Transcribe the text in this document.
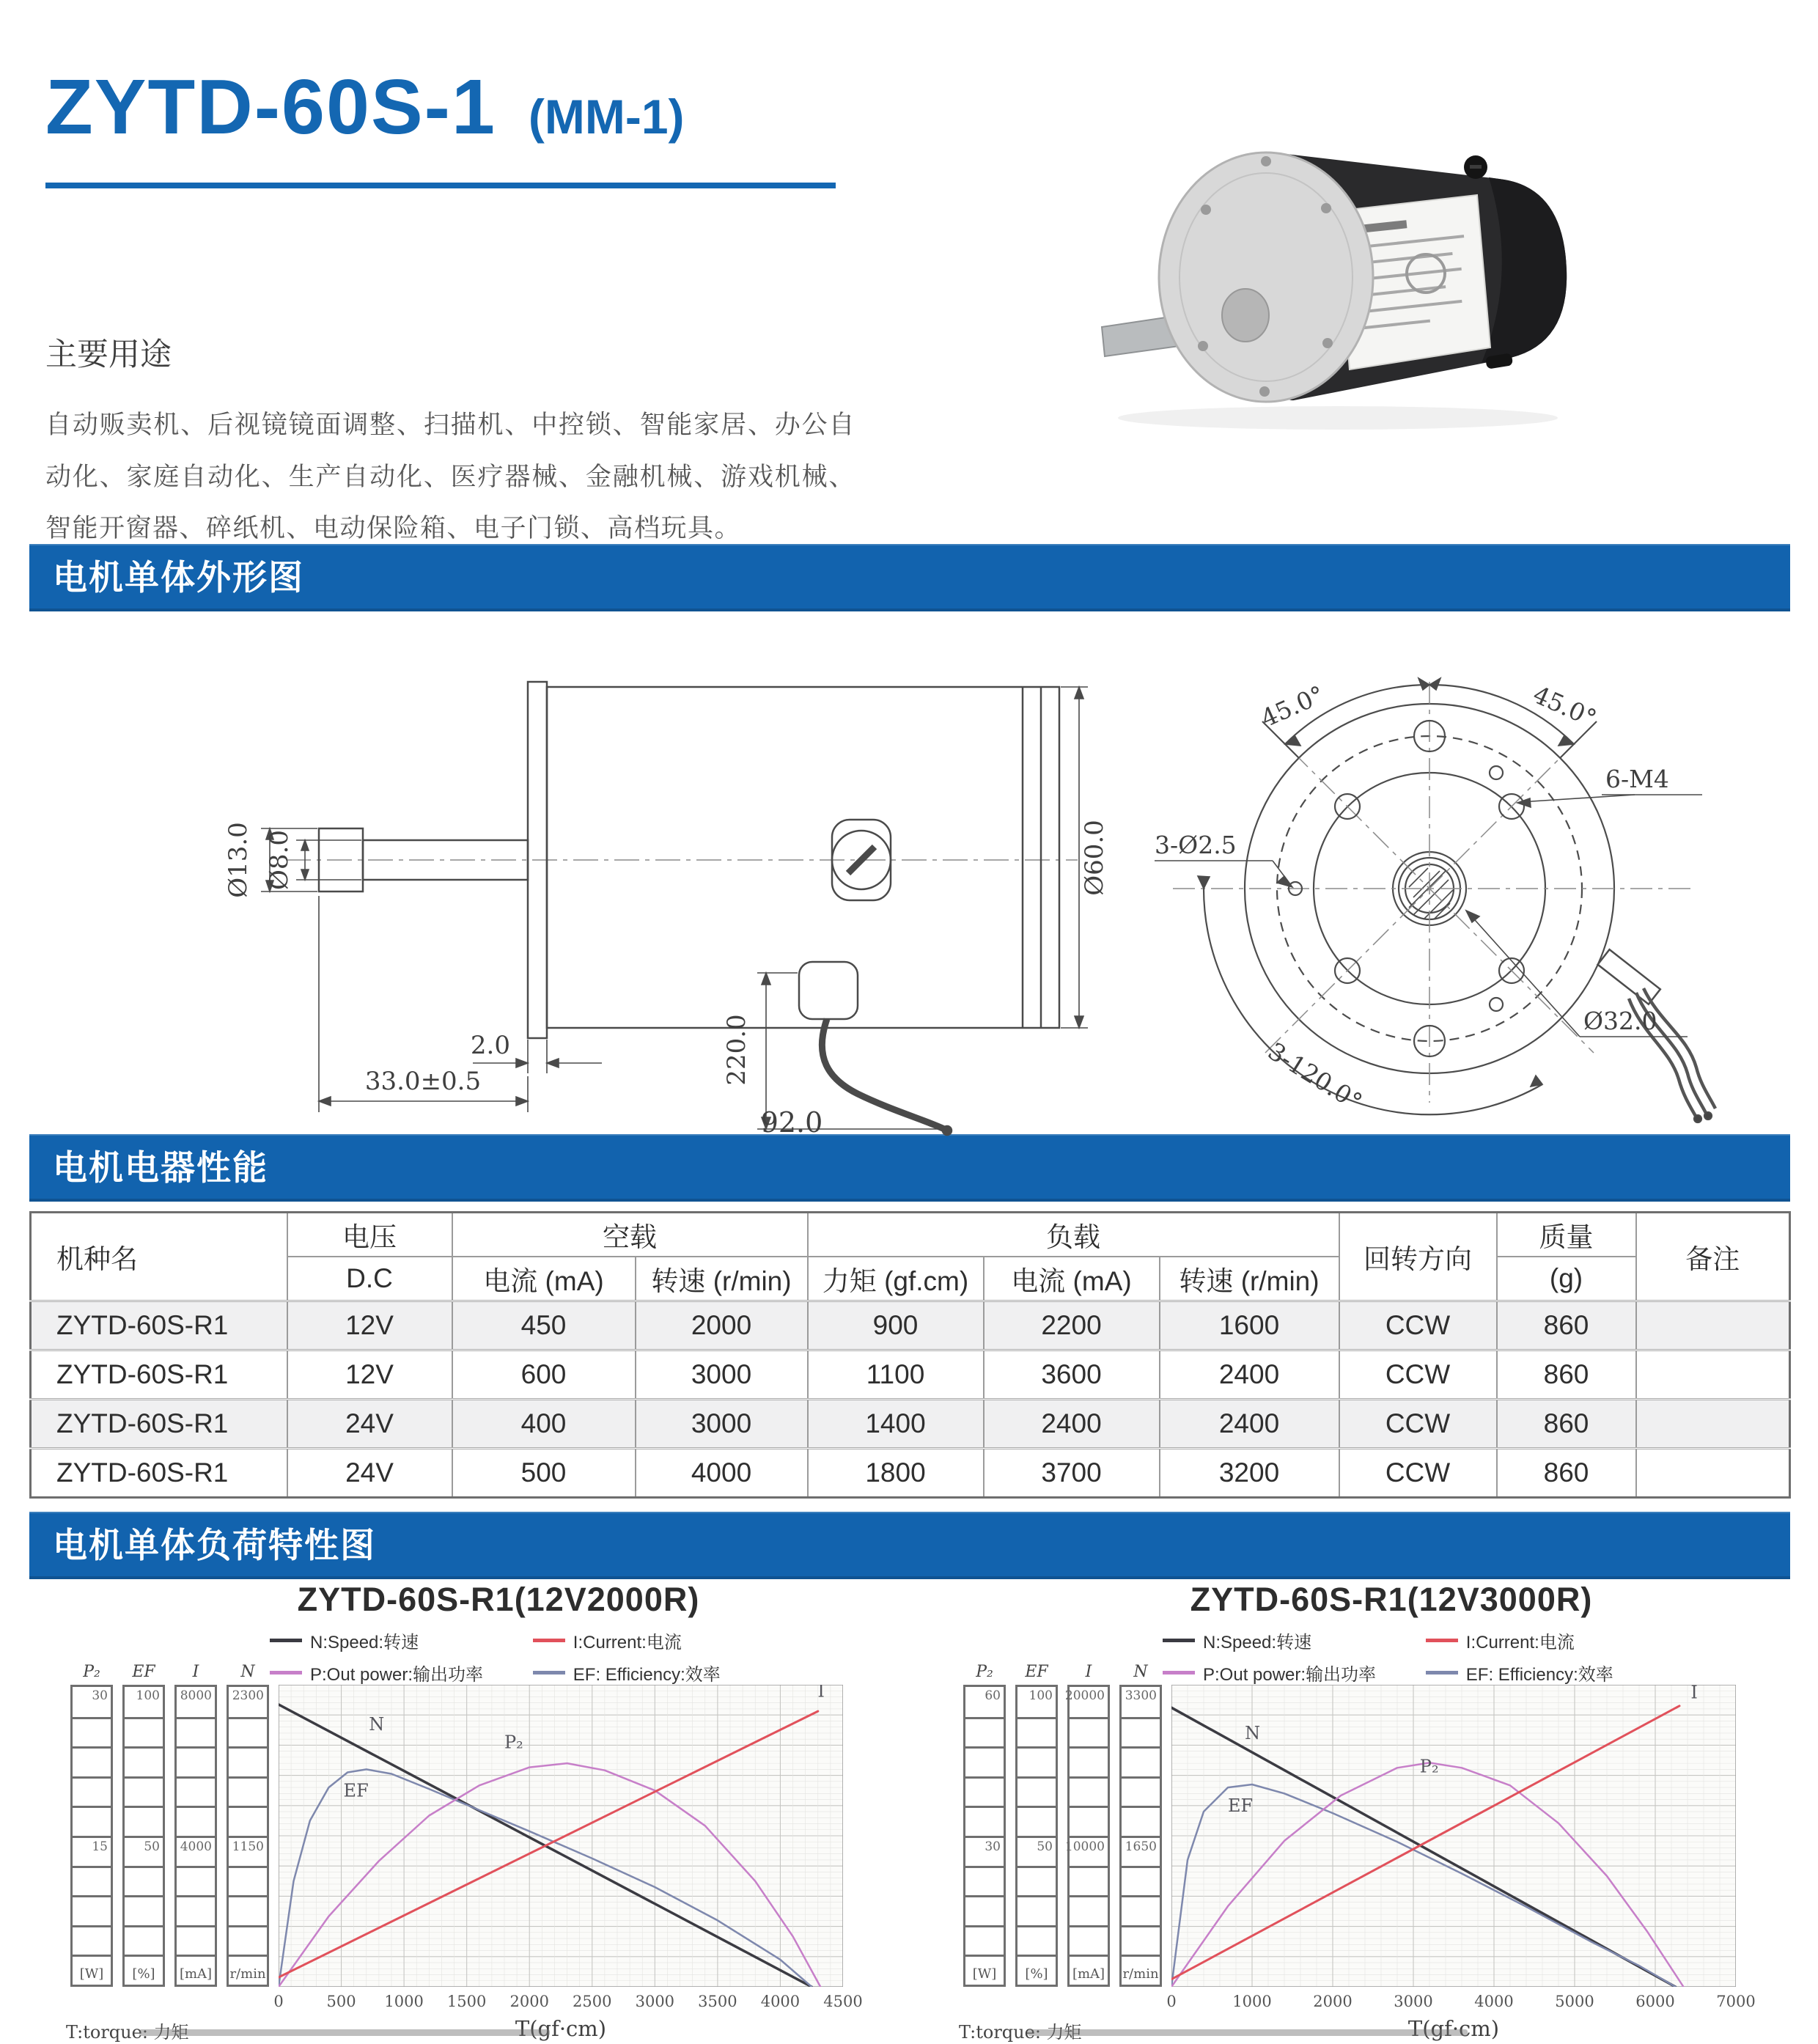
ZYTD-60S-1 (MM-1)
主要用途
自动贩卖机、后视镜镜面调整、扫描机、中控锁、智能家居、办公自动化、家庭自动化、生产自动化、医疗器械、金融机械、游戏机械、智能开窗器、碎纸机、电动保险箱、电子门锁、高档玩具。
电机单体外形图
电机电器性能
电机单体负荷特性图
Ø13.0 Ø8.0
2.0
33.0±0.5
92.0
220.0
Ø60.0
45.0°	45.0°
6-M4
3-Ø2.5
Ø32.0
3-120.0°
机种名	电压	空载		负载			回转方向	质量	备注
	D.C	电流 (mA)	转速 (r/min)	力矩 (gf.cm)	电流 (mA)	转速 (r/min)		(g)	
ZYTD-60S-R1	12V	450	2000	900	2200	1600	CCW	860	
ZYTD-60S-R1	12V	600	3000	1100	3600	2400	CCW	860	
ZYTD-60S-R1	24V	400	3000	1400	2400	2400	CCW	860	
ZYTD-60S-R1	24V	500	4000	1800	3700	3200	CCW	860	
ZYTD-60S-R1(12V2000R)
N:Speed:转速	I:Current:电流
P:Out power:输出功率	EF: Efficiency:效率
P₂
30
15
[W]
EF
100
50
[%]
I
8000
4000
[mA]
N
2300
1150
r/min
N
EF
P₂
I
0	500 1000 1500 2000 2500 3000 3500 4000 4500
T(gf·cm)
T:torque: 力矩
ZYTD-60S-R1(12V3000R)
N:Speed:转速	I:Current:电流
P:Out power:输出功率	EF: Efficiency:效率
P₂
60
30
[W]
EF
100
50
[%]
I
20000
10000
[mA]
N
3300
1650
r/min
N
EF
P₂
I
0	1000	2000	3000	4000	5000	6000	7000
T(gf·cm)
T:torque: 力矩
